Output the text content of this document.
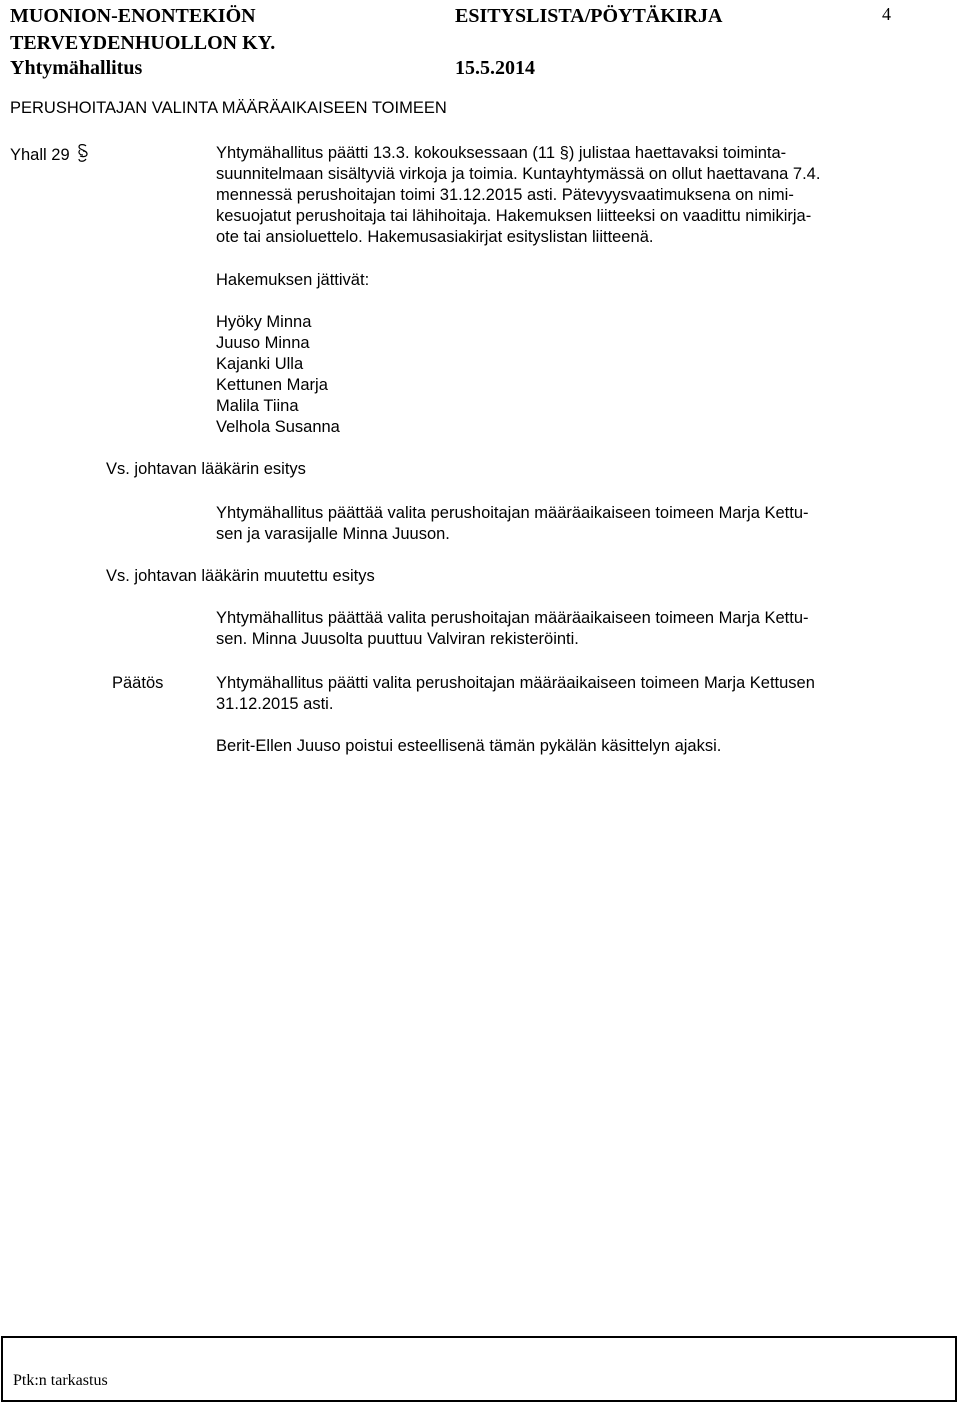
MUONION-ENONTEKIÖN
TERVEYDENHUOLLON KY.
Yhtymähallitus
ESITYSLISTA/PÖYTÄKIRJA
15.5.2014
4
PERUSHOITAJAN VALINTA MÄÄRÄAIKAISEEN TOIMEEN
Yhall 29	Yhtymähallitus päätti 13.3. kokouksessaan (11 §) julistaa haettavaksi toiminta-
suunnitelmaan sisältyviä virkoja ja toimia. Kuntayhtymässä on ollut haettavana 7.4.
mennessä perushoitajan toimi 31.12.2015 asti. Pätevyysvaatimuksena on nimi-
kesuojatut perushoitaja tai lähihoitaja. Hakemuksen liitteeksi on vaadittu nimikirja-
ote tai ansioluettelo. Hakemusasiakirjat esityslistan liitteenä.
Hakemuksen jättivät:
Hyöky Minna
Juuso Minna
Kajanki Ulla
Kettunen Marja
Malila Tiina
Velhola Susanna
Vs. johtavan lääkärin esitys
Yhtymähallitus päättää valita perushoitajan määräaikaiseen toimeen Marja Kettu-
sen ja varasijalle Minna Juuson.
Vs. johtavan lääkärin muutettu esitys
Yhtymähallitus päättää valita perushoitajan määräaikaiseen toimeen Marja Kettu-
sen. Minna Juusolta puuttuu Valviran rekisteröinti.
Päätös	Yhtymähallitus päätti valita perushoitajan määräaikaiseen toimeen Marja Kettusen
31.12.2015 asti.
Berit-Ellen Juuso poistui esteellisenä tämän pykälän käsittelyn ajaksi.
Ptk:n tarkastus
